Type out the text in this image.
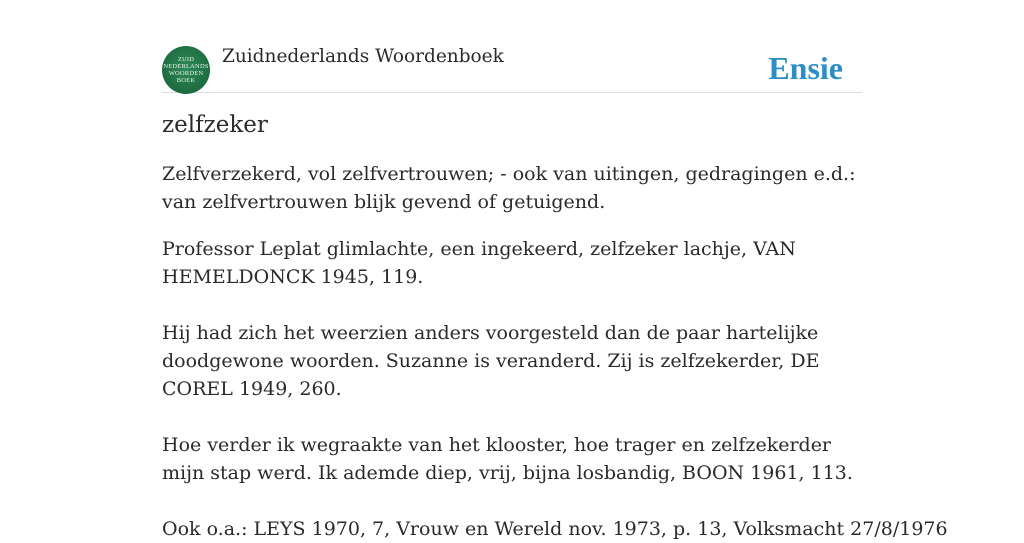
ZUID
NEDERLANDS
WOORDEN
BOEK
Zuidnederlands Woordenboek	Ensie
zelfzeker

Zelfverzekerd, vol zelfvertrouwen; - ook van uitingen, gedragingen e.d.: van zelfvertrouwen blijk gevend of getuigend.

Professor Leplat glimlachte, een ingekeerd, zelfzeker lachje, VAN HEMELDONCK 1945, 119.

Hij had zich het weerzien anders voorgesteld dan de paar hartelijke doodgewone woorden. Suzanne is veranderd. Zij is zelfzekerder, DE COREL 1949, 260.

Hoe verder ik wegraakte van het klooster, hoe trager en zelfzekerder mijn stap werd. Ik ademde diep, vrij, bijna losbandig, BOON 1961, 113.

Ook o.a.: LEYS 1970, 7, Vrouw en Wereld nov. 1973, p. 13, Volksmacht 27/8/1976
